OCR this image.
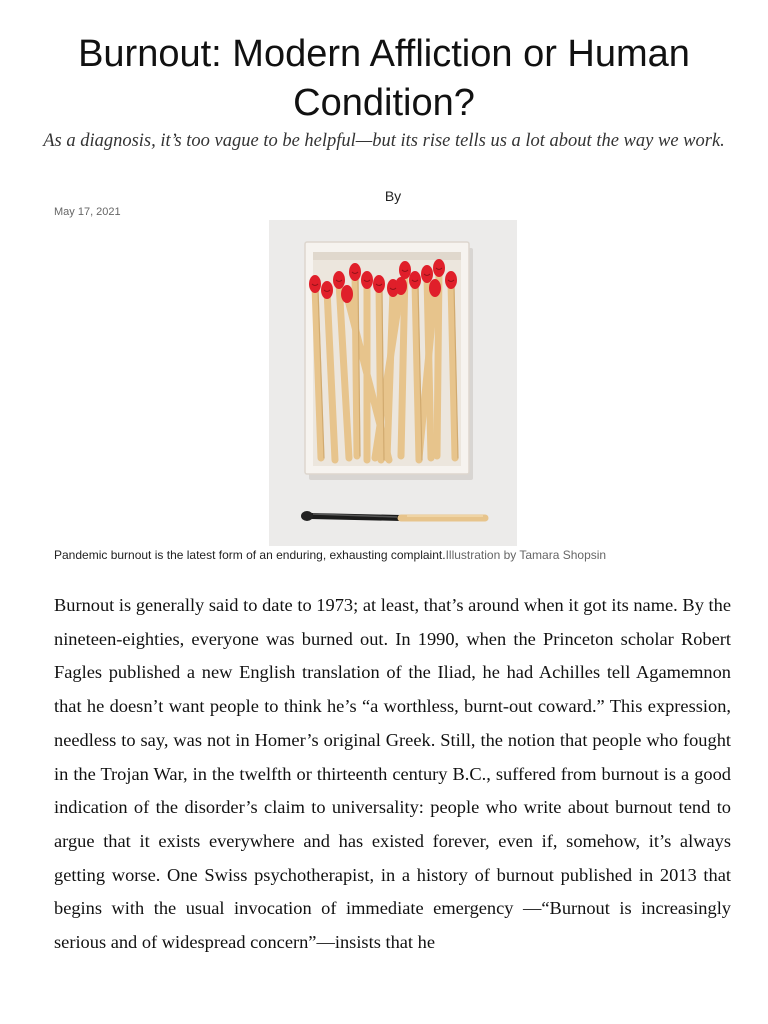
Burnout: Modern Affliction or Human Condition?

As a diagnosis, it’s too vague to be helpful—but its rise tells us a lot about the way we work.

By
May 17, 2021
Pandemic burnout is the latest form of an enduring, exhausting complaint.Illustration by Tamara Shopsin

Burnout is generally said to date to 1973; at least, that’s around when it got its name. By the nineteen-eighties, everyone was burned out. In 1990, when the Princeton scholar Robert Fagles published a new English translation of the Iliad, he had Achilles tell Agamemnon that he doesn’t want people to think he’s “a worthless, burnt-out coward.” This expression, needless to say, was not in Homer’s original Greek. Still, the notion that people who fought in the Trojan War, in the twelfth or thirteenth century B.C., suffered from burnout is a good indication of the disorder’s claim to universality: people who write about burnout tend to argue that it exists everywhere and has existed forever, even if, somehow, it’s always getting worse. One Swiss psychotherapist, in a history of burnout published in 2013 that begins with the usual invocation of immediate emergency —“Burnout is increasingly serious and of widespread concern”—insists that he
